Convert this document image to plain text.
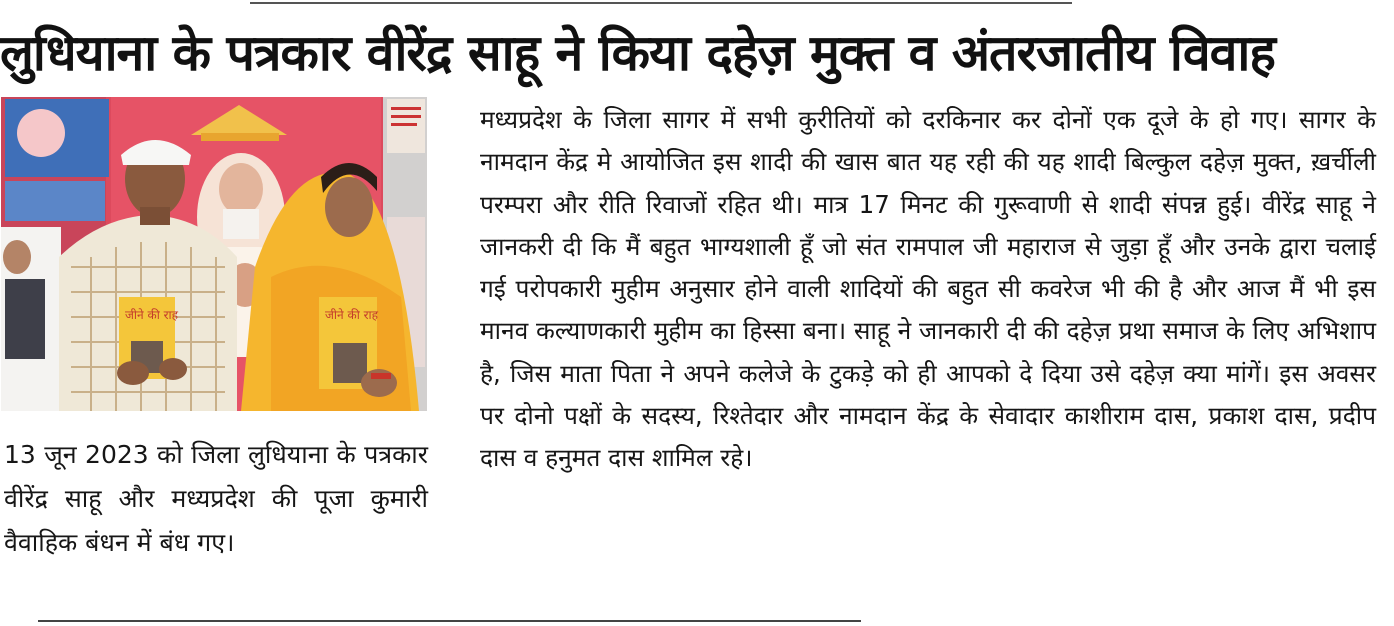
लुधियाना के पत्रकार वीरेंद्र साहू ने किया दहेज़ मुक्त व अंतरजातीय विवाह
जीने की राह	जीने की राह

13 जून 2023 को जिला लुधियाना के पत्रकार वीरेंद्र साहू और मध्यप्रदेश की पूजा कुमारी वैवाहिक बंधन में बंध गए।

मध्यप्रदेश के जिला सागर में सभी कुरीतियों को दरकिनार कर दोनों एक दूजे के हो गए। सागर के नामदान केंद्र मे आयोजित इस शादी की खास बात यह रही की यह शादी बिल्कुल दहेज़ मुक्त, ख़र्चीली परम्परा और रीति रिवाजों रहित थी। मात्र 17 मिनट की गुरूवाणी से शादी संपन्न हुई। वीरेंद्र साहू ने जानकरी दी कि मैं बहुत भाग्यशाली हूँ जो संत रामपाल जी महाराज से जुड़ा हूँ और उनके द्वारा चलाई गई परोपकारी मुहीम अनुसार होने वाली शादियों की बहुत सी कवरेज भी की है और आज मैं भी इस मानव कल्याणकारी मुहीम का हिस्सा बना। साहू ने जानकारी दी की दहेज़ प्रथा समाज के लिए अभिशाप है, जिस माता पिता ने अपने कलेजे के टुकड़े को ही आपको दे दिया उसे दहेज़ क्या मांगें। इस अवसर पर दोनो पक्षों के सदस्य, रिश्तेदार और नामदान केंद्र के सेवादार काशीराम दास, प्रकाश दास, प्रदीप दास व हनुमत दास शामिल रहे।
